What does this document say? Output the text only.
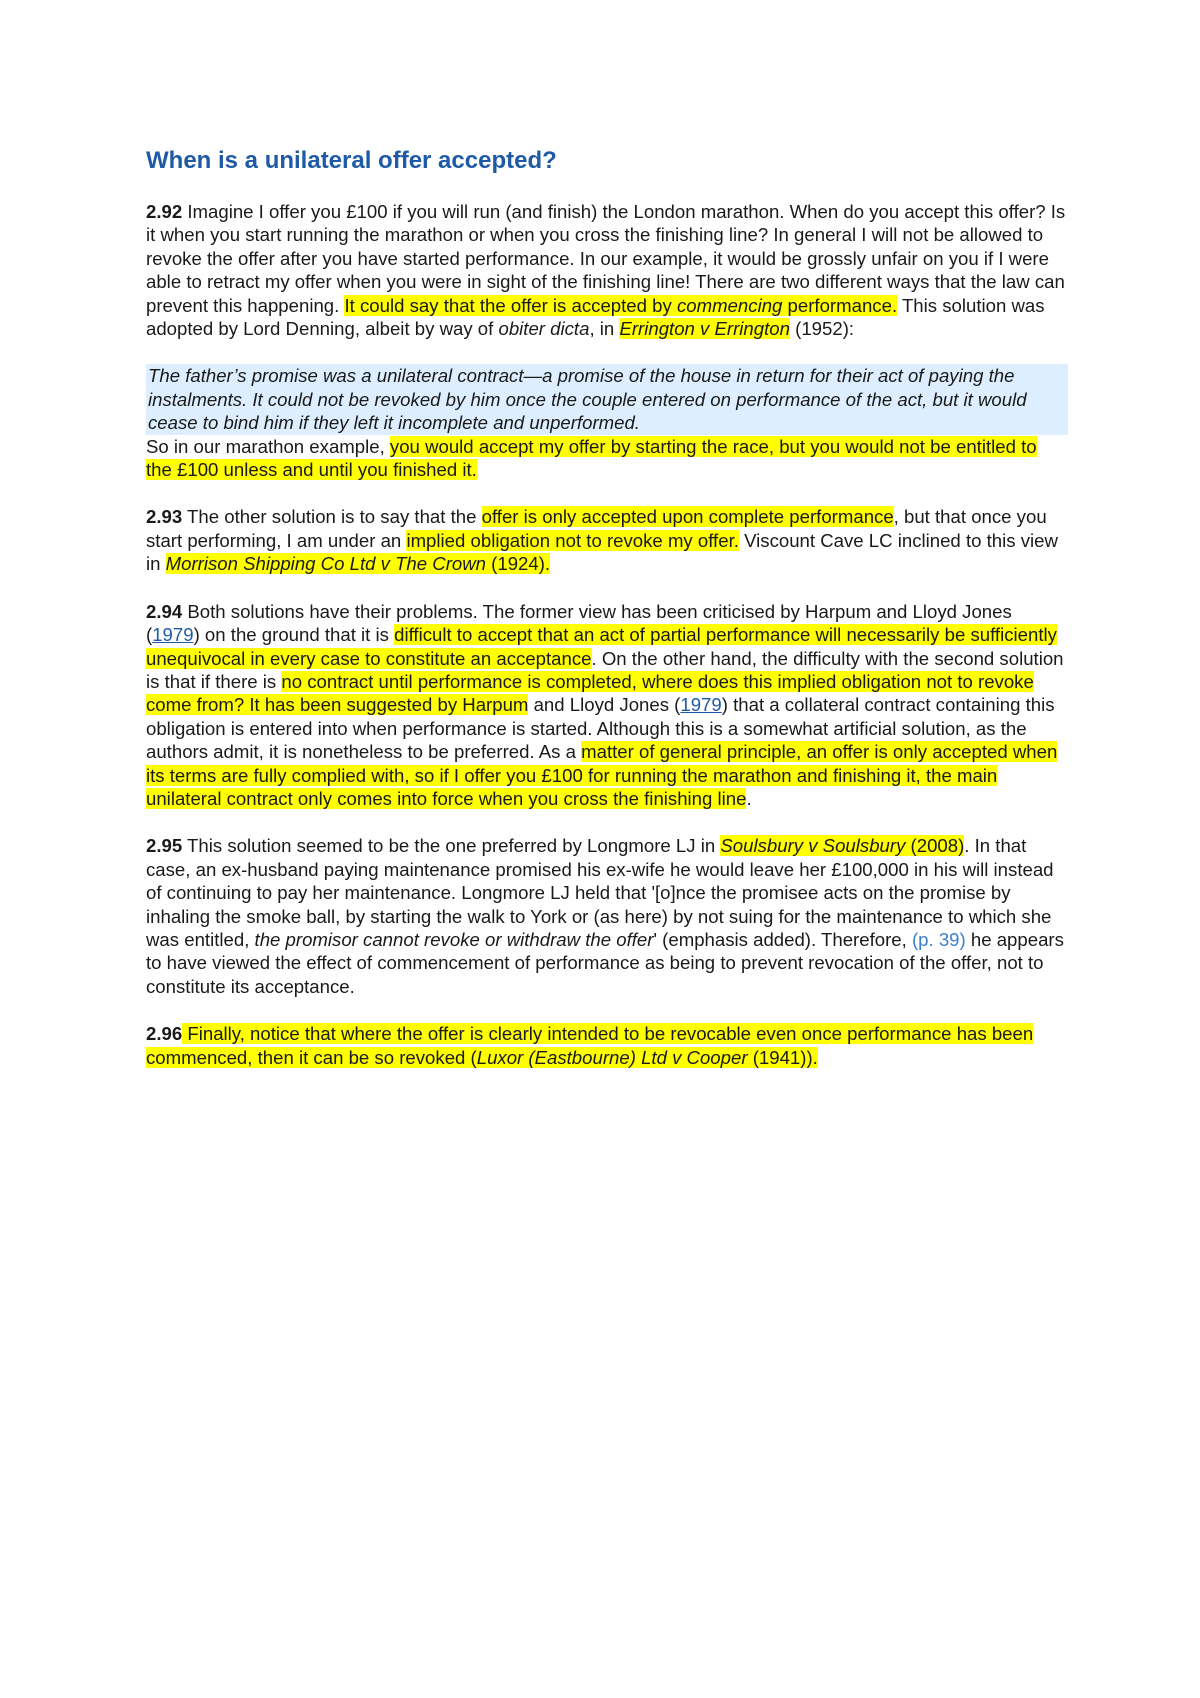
When is a unilateral offer accepted?

2.92 Imagine I offer you £100 if you will run (and finish) the London marathon. When do you accept this offer? Is it when you start running the marathon or when you cross the finishing line? In general I will not be allowed to revoke the offer after you have started performance. In our example, it would be grossly unfair on you if I were able to retract my offer when you were in sight of the finishing line! There are two different ways that the law can prevent this happening. It could say that the offer is accepted by commencing performance. This solution was adopted by Lord Denning, albeit by way of obiter dicta, in Errington v Errington (1952):

The father’s promise was a unilateral contract—a promise of the house in return for their act of paying the instalments. It could not be revoked by him once the couple entered on performance of the act, but it would cease to bind him if they left it incomplete and unperformed.

So in our marathon example, you would accept my offer by starting the race, but you would not be entitled to the £100 unless and until you finished it.

2.93 The other solution is to say that the offer is only accepted upon complete performance, but that once you start performing, I am under an implied obligation not to revoke my offer. Viscount Cave LC inclined to this view in Morrison Shipping Co Ltd v The Crown (1924).

2.94 Both solutions have their problems. The former view has been criticised by Harpum and Lloyd Jones (1979) on the ground that it is difficult to accept that an act of partial performance will necessarily be sufficiently unequivocal in every case to constitute an acceptance. On the other hand, the difficulty with the second solution is that if there is no contract until performance is completed, where does this implied obligation not to revoke come from? It has been suggested by Harpum and Lloyd Jones (1979) that a collateral contract containing this obligation is entered into when performance is started. Although this is a somewhat artificial solution, as the authors admit, it is nonetheless to be preferred. As a matter of general principle, an offer is only accepted when its terms are fully complied with, so if I offer you £100 for running the marathon and finishing it, the main unilateral contract only comes into force when you cross the finishing line.

2.95 This solution seemed to be the one preferred by Longmore LJ in Soulsbury v Soulsbury (2008). In that case, an ex-husband paying maintenance promised his ex-wife he would leave her £100,000 in his will instead of continuing to pay her maintenance. Longmore LJ held that '[o]nce the promisee acts on the promise by inhaling the smoke ball, by starting the walk to York or (as here) by not suing for the maintenance to which she was entitled, the promisor cannot revoke or withdraw the offer' (emphasis added). Therefore, (p. 39) he appears to have viewed the effect of commencement of performance as being to prevent revocation of the offer, not to constitute its acceptance.

2.96 Finally, notice that where the offer is clearly intended to be revocable even once performance has been commenced, then it can be so revoked (Luxor (Eastbourne) Ltd v Cooper (1941)).
